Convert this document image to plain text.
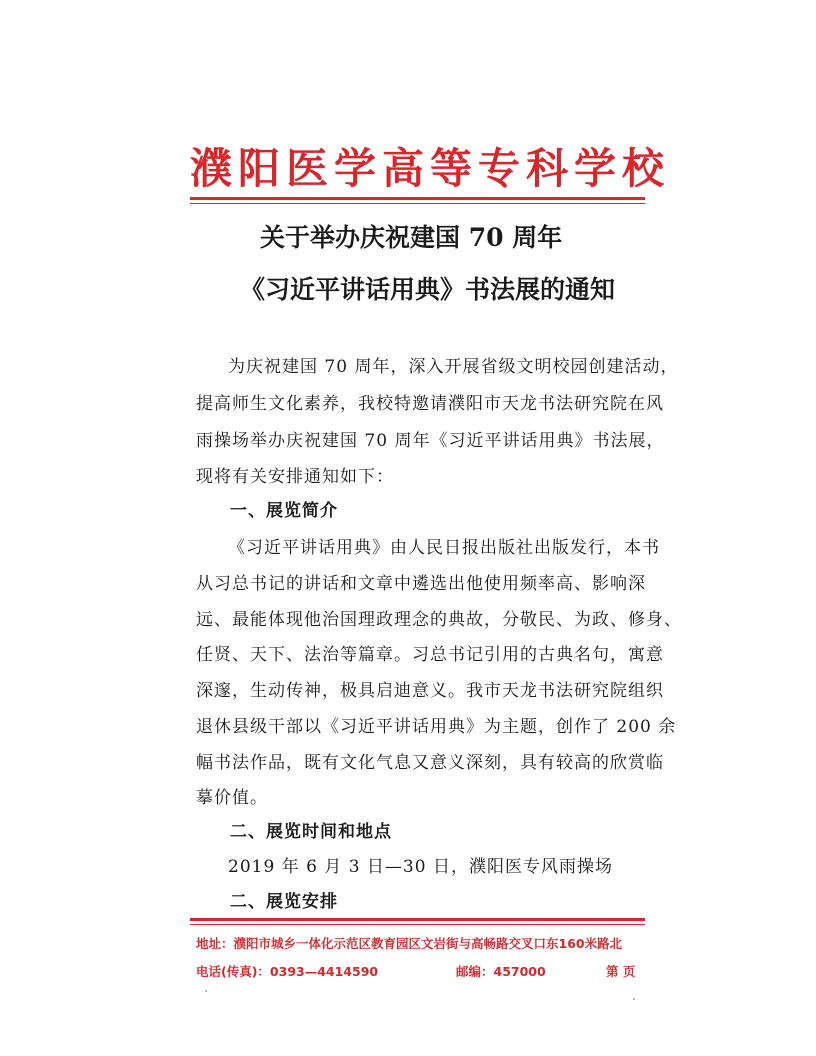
濮阳医学高等专科学校
关于举办庆祝建国 70 周年
《习近平讲话用典》书法展的通知
为庆祝建国 70 周年，深入开展省级文明校园创建活动，
提高师生文化素养，我校特邀请濮阳市天龙书法研究院在风
雨操场举办庆祝建国 70 周年《习近平讲话用典》书法展，
现将有关安排通知如下：
一、展览简介
《习近平讲话用典》由人民日报出版社出版发行，本书
从习总书记的讲话和文章中遴选出他使用频率高、影响深
远、最能体现他治国理政理念的典故，分敬民、为政、修身、
任贤、天下、法治等篇章。习总书记引用的古典名句，寓意
深邃，生动传神，极具启迪意义。我市天龙书法研究院组织
退休县级干部以《习近平讲话用典》为主题，创作了 200 余
幅书法作品，既有文化气息又意义深刻，具有较高的欣赏临
摹价值。
二、展览时间和地点
2019 年 6 月 3 日—30 日，濮阳医专风雨操场
二、展览安排
地址：濮阳市城乡一体化示范区教育园区文岩街与高畅路交叉口东160米路北
电话(传真)：0393—4414590	邮编：457000	第 页
